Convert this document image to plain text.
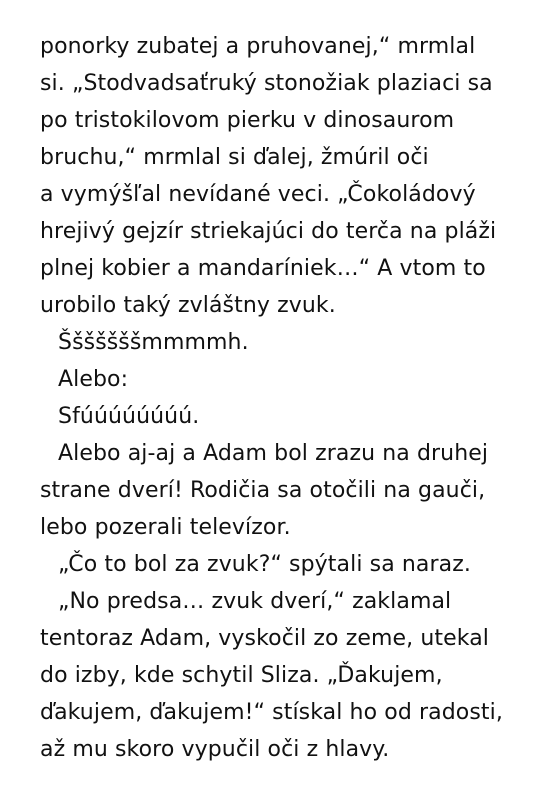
ponorky zubatej a pruhovanej,“ mrmlal
si. „Stodvadsaťruký stonožiak plaziaci sa
po tristokilovom pierku v dinosaurom
bruchu,“ mrmlal si ďalej, žmúril oči
a vymýšľal nevídané veci. „Čokoládový
hrejivý gejzír striekajúci do terča na pláži
plnej kobier a mandaríniek…“ A vtom to
urobilo taký zvláštny zvuk.
Šššššššmmmmh.
Alebo:
Sfúúúúúúúú.
Alebo aj-aj a Adam bol zrazu na druhej
strane dverí! Rodičia sa otočili na gauči,
lebo pozerali televízor.
„Čo to bol za zvuk?“ spýtali sa naraz.
„No predsa… zvuk dverí,“ zaklamal
tentoraz Adam, vyskočil zo zeme, utekal
do izby, kde schytil Sliza. „Ďakujem,
ďakujem, ďakujem!“ stískal ho od radosti,
až mu skoro vypučil oči z hlavy.
